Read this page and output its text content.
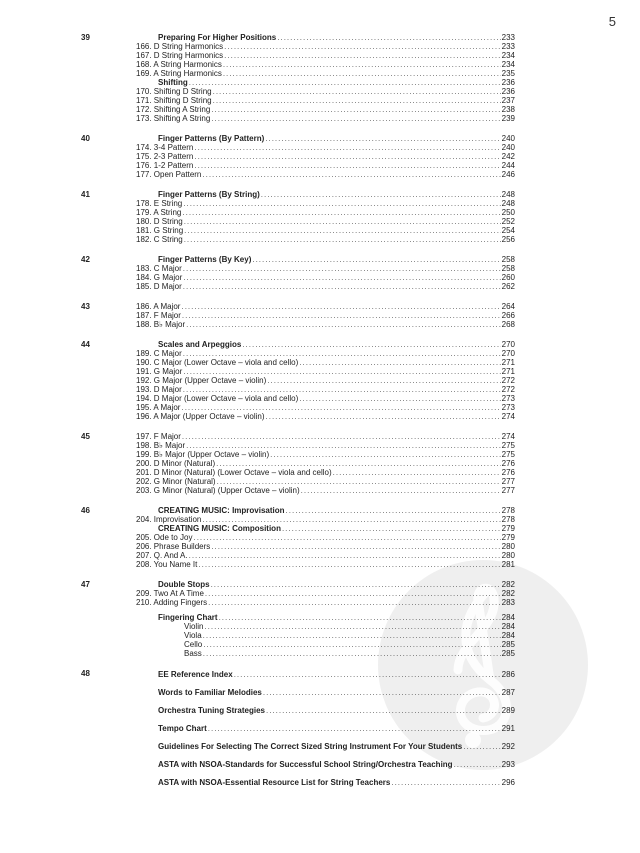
5
39	Preparing For Higher Positions .....	233
166. D String Harmonics .....	233
167. D String Harmonics .....	234
168. A String Harmonics .....	234
169. A String Harmonics .....	235
Shifting .....	236
170. Shifting D String .....	236
171. Shifting D String .....	237
172. Shifting A String .....	238
173. Shifting A String .....	239
40	Finger Patterns (By Pattern) .....	240
174. 3-4 Pattern .....	240
175. 2-3 Pattern .....	242
176. 1-2 Pattern .....	244
177. Open Pattern .....	246
41	Finger Patterns (By String) .....	248
178. E String .....	248
179. A String .....	250
180. D String .....	252
181. G String .....	254
182. C String .....	256
42	Finger Patterns (By Key) .....	258
183. C Major .....	258
184. G Major .....	260
185. D Major .....	262
43	186. A Major .....	264
187. F Major .....	266
188. B♭ Major .....	268
44	Scales and Arpeggios .....	270
189. C Major .....	270
190. C Major (Lower Octave – viola and cello) .....	271
191. G Major .....	271
192. G Major (Upper Octave – violin) .....	272
193. D Major .....	272
194. D Major (Lower Octave – viola and cello) .....	273
195. A Major .....	273
196. A Major (Upper Octave – violin) .....	274
45	197. F Major .....	274
198. B♭ Major .....	275
199. B♭ Major (Upper Octave – violin) .....	275
200. D Minor (Natural) .....	276
201. D Minor (Natural) (Lower Octave – viola and cello) .....	276
202. G Minor (Natural) .....	277
203. G Minor (Natural) (Upper Octave – violin) .....	277
46	CREATING MUSIC: Improvisation .....	278
204. Improvisation .....	278
CREATING MUSIC: Composition .....	279
205. Ode to Joy .....	279
206. Phrase Builders .....	280
207. Q. And A. .....	280
208. You Name It .....	281
47	Double Stops .....	282
209. Two At A Time .....	282
210. Adding Fingers .....	283
Fingering Chart .....	284
Violin .....	284
Viola .....	284
Cello .....	285
Bass .....	285
48	EE Reference Index .....	286
Words to Familiar Melodies .....	287
Orchestra Tuning Strategies .....	289
Tempo Chart .....	291
Guidelines For Selecting The Correct Sized String Instrument For Your Students .....	292
ASTA with NSOA-Standards for Successful School String/Orchestra Teaching .....	293
ASTA with NSOA-Essential Resource List for String Teachers .....	296
